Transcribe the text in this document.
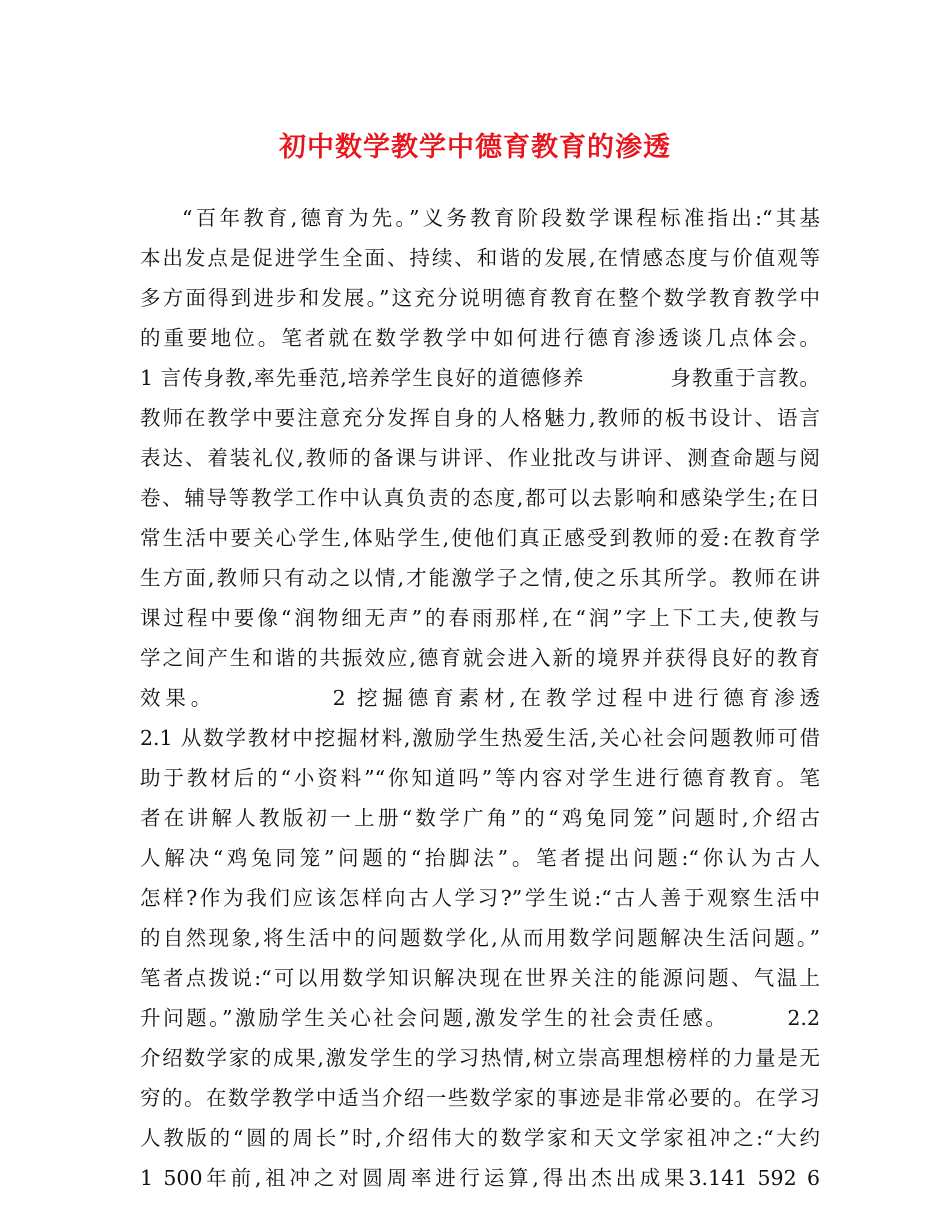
初中数学教学中德育教育的渗透
“百年教育,德育为先。”义务教育阶段数学课程标准指出:“其基
本出发点是促进学生全面、持续、和谐的发展,在情感态度与价值观等
多方面得到进步和发展。”这充分说明德育教育在整个数学教育教学中
的重要地位。笔者就在数学教学中如何进行德育渗透谈几点体会。
1 言传身教,率先垂范,培养学生良好的道德修养　　　　身教重于言教。
教师在教学中要注意充分发挥自身的人格魅力,教师的板书设计、语言
表达、着装礼仪,教师的备课与讲评、作业批改与讲评、测查命题与阅
卷、辅导等教学工作中认真负责的态度,都可以去影响和感染学生;在日
常生活中要关心学生,体贴学生,使他们真正感受到教师的爱:在教育学
生方面,教师只有动之以情,才能激学子之情,使之乐其所学。教师在讲
课过程中要像“润物细无声”的春雨那样,在“润”字上下工夫,使教与
学之间产生和谐的共振效应,德育就会进入新的境界并获得良好的教育
效果。　　　　　2 挖掘德育素材,在教学过程中进行德育渗透
2.1 从数学教材中挖掘材料,激励学生热爱生活,关心社会问题教师可借
助于教材后的“小资料”“你知道吗”等内容对学生进行德育教育。笔
者在讲解人教版初一上册“数学广角”的“鸡兔同笼”问题时,介绍古
人解决“鸡兔同笼”问题的“抬脚法”。笔者提出问题:“你认为古人
怎样?作为我们应该怎样向古人学习?”学生说:“古人善于观察生活中
的自然现象,将生活中的问题数学化,从而用数学问题解决生活问题。”
笔者点拨说:“可以用数学知识解决现在世界关注的能源问题、气温上
升问题。”激励学生关心社会问题,激发学生的社会责任感。　　　2.2
介绍数学家的成果,激发学生的学习热情,树立崇高理想榜样的力量是无
穷的。在数学教学中适当介绍一些数学家的事迹是非常必要的。在学习
人教版的“圆的周长”时,介绍伟大的数学家和天文学家祖冲之:“大约
1 500年前,祖冲之对圆周率进行运算,得出杰出成果3.141 592 6
